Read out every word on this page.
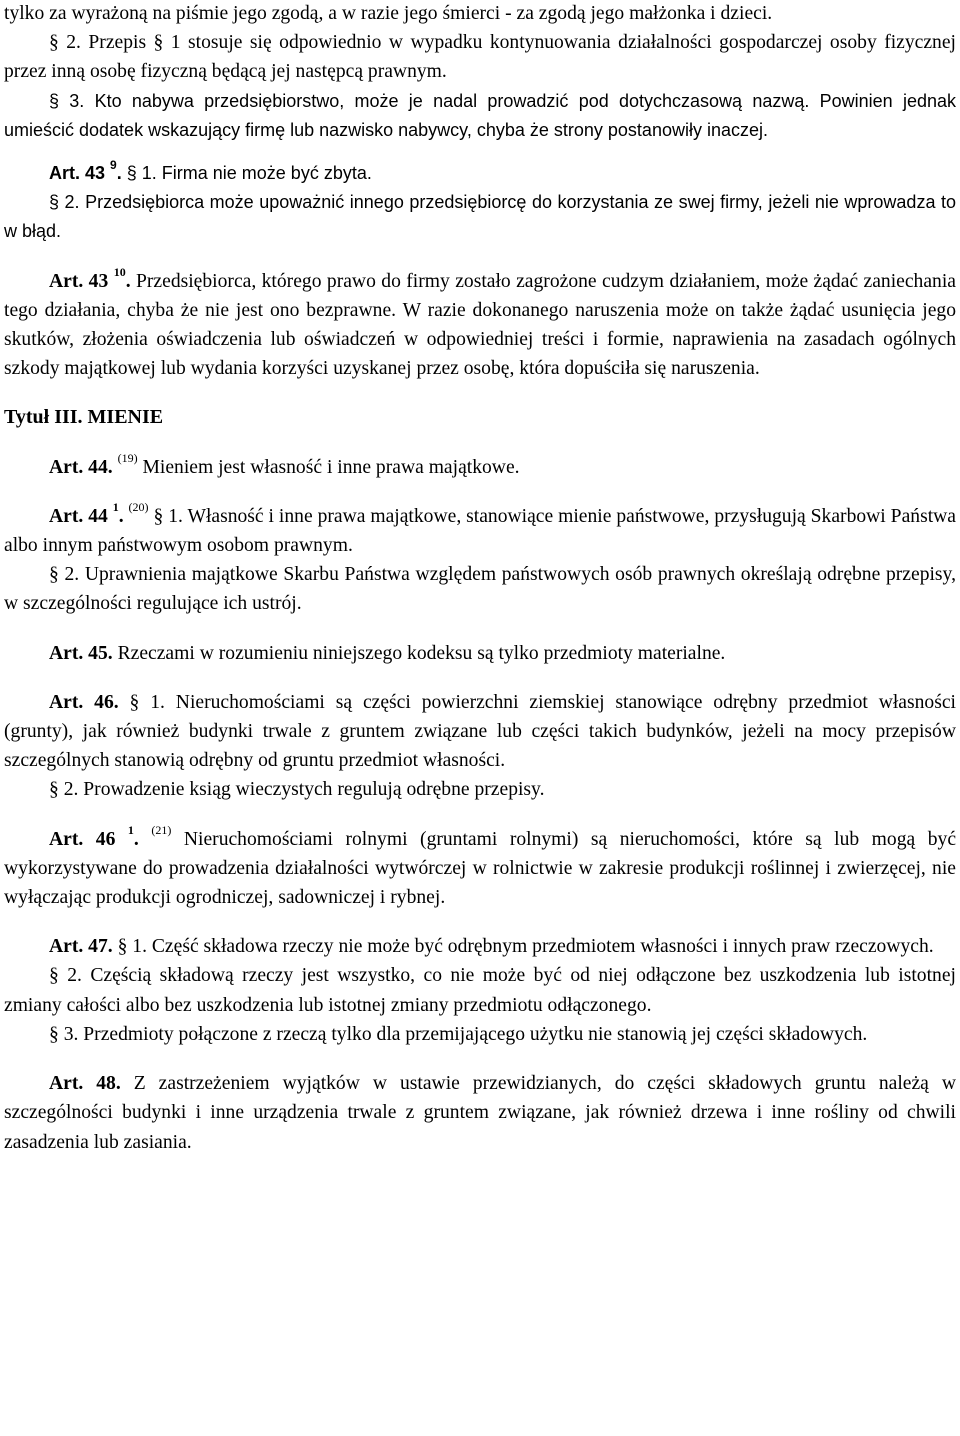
tylko za wyrażoną na piśmie jego zgodą, a w razie jego śmierci - za zgodą jego małżonka i dzieci.

§ 2. Przepis § 1 stosuje się odpowiednio w wypadku kontynuowania działalności gospodarczej osoby fizycznej przez inną osobę fizyczną będącą jej następcą prawnym.

§ 3. Kto nabywa przedsiębiorstwo, może je nadal prowadzić pod dotychczasową nazwą. Powinien jednak umieścić dodatek wskazujący firmę lub nazwisko nabywcy, chyba że strony postanowiły inaczej.

Art. 43 $^9$. § 1. Firma nie może być zbyta.

§ 2. Przedsiębiorca może upoważnić innego przedsiębiorcę do korzystania ze swej firmy, jeżeli nie wprowadza to w błąd.

Art. 43 $^{10}$. Przedsiębiorca, którego prawo do firmy zostało zagrożone cudzym działaniem, może żądać zaniechania tego działania, chyba że nie jest ono bezprawne. W razie dokonanego naruszenia może on także żądać usunięcia jego skutków, złożenia oświadczenia lub oświadczeń w odpowiedniej treści i formie, naprawienia na zasadach ogólnych szkody majątkowej lub wydania korzyści uzyskanej przez osobę, która dopuściła się naruszenia.

Tytuł III. MIENIE

Art. 44. $^{(19)}$ Mieniem jest własność i inne prawa majątkowe.

Art. 44 $^1$. $^{(20)}$ § 1. Własność i inne prawa majątkowe, stanowiące mienie państwowe, przysługują Skarbowi Państwa albo innym państwowym osobom prawnym.

§ 2. Uprawnienia majątkowe Skarbu Państwa względem państwowych osób prawnych określają odrębne przepisy, w szczególności regulujące ich ustrój.

Art. 45. Rzeczami w rozumieniu niniejszego kodeksu są tylko przedmioty materialne.

Art. 46. § 1. Nieruchomościami są części powierzchni ziemskiej stanowiące odrębny przedmiot własności (grunty), jak również budynki trwale z gruntem związane lub części takich budynków, jeżeli na mocy przepisów szczególnych stanowią odrębny od gruntu przedmiot własności.

§ 2. Prowadzenie ksiąg wieczystych regulują odrębne przepisy.

Art. 46 $^1$. $^{(21)}$ Nieruchomościami rolnymi (gruntami rolnymi) są nieruchomości, które są lub mogą być wykorzystywane do prowadzenia działalności wytwórczej w rolnictwie w zakresie produkcji roślinnej i zwierzęcej, nie wyłączając produkcji ogrodniczej, sadowniczej i rybnej.

Art. 47. § 1. Część składowa rzeczy nie może być odrębnym przedmiotem własności i innych praw rzeczowych.

§ 2. Częścią składową rzeczy jest wszystko, co nie może być od niej odłączone bez uszkodzenia lub istotnej zmiany całości albo bez uszkodzenia lub istotnej zmiany przedmiotu odłączonego.

§ 3. Przedmioty połączone z rzeczą tylko dla przemijającego użytku nie stanowią jej części składowych.

Art. 48. Z zastrzeżeniem wyjątków w ustawie przewidzianych, do części składowych gruntu należą w szczególności budynki i inne urządzenia trwale z gruntem związane, jak również drzewa i inne rośliny od chwili zasadzenia lub zasiania.
